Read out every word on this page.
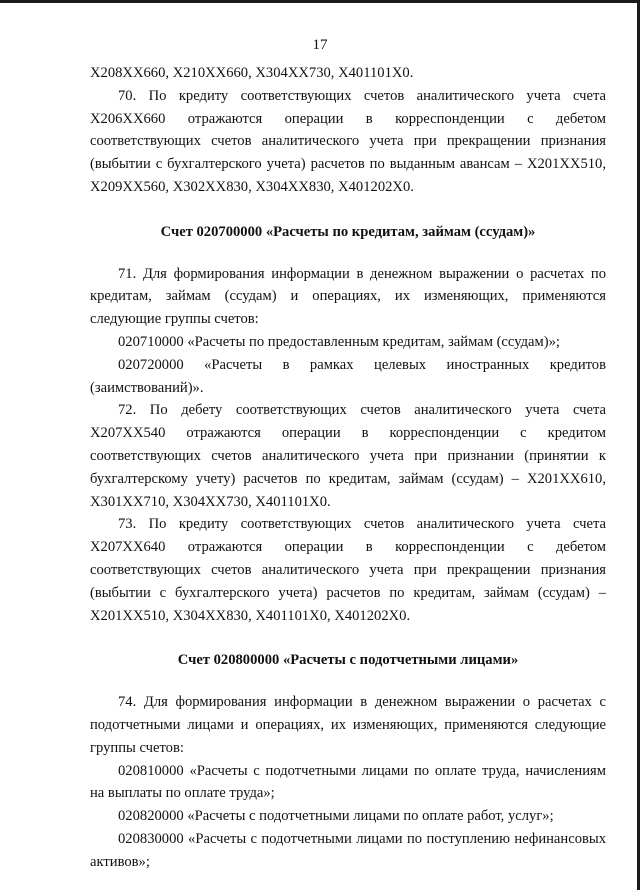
17

X208XX660, X210XX660, X304XX730, X401101X0.

70. По кредиту соответствующих счетов аналитического учета счета X206XX660 отражаются операции в корреспонденции с дебетом соответствующих счетов аналитического учета при прекращении признания (выбытии с бухгалтерского учета) расчетов по выданным авансам – X201XX510, X209XX560, X302XX830, X304XX830, X401202X0.

Счет 020700000 «Расчеты по кредитам, займам (ссудам)»

71. Для формирования информации в денежном выражении о расчетах по кредитам, займам (ссудам) и операциях, их изменяющих, применяются следующие группы счетов:

020710000 «Расчеты по предоставленным кредитам, займам (ссудам)»;

020720000 «Расчеты в рамках целевых иностранных кредитов (заимствований)».

72. По дебету соответствующих счетов аналитического учета счета X207XX540 отражаются операции в корреспонденции с кредитом соответствующих счетов аналитического учета при признании (принятии к бухгалтерскому учету) расчетов по кредитам, займам (ссудам) – X201XX610, X301XX710, X304XX730, X401101X0.

73. По кредиту соответствующих счетов аналитического учета счета X207XX640 отражаются операции в корреспонденции с дебетом соответствующих счетов аналитического учета при прекращении признания (выбытии с бухгалтерского учета) расчетов по кредитам, займам (ссудам) – X201XX510, X304XX830, X401101X0, X401202X0.

Счет 020800000 «Расчеты с подотчетными лицами»

74. Для формирования информации в денежном выражении о расчетах с подотчетными лицами и операциях, их изменяющих, применяются следующие группы счетов:

020810000 «Расчеты с подотчетными лицами по оплате труда, начислениям на выплаты по оплате труда»;

020820000 «Расчеты с подотчетными лицами по оплате работ, услуг»;

020830000 «Расчеты с подотчетными лицами по поступлению нефинансовых активов»;
